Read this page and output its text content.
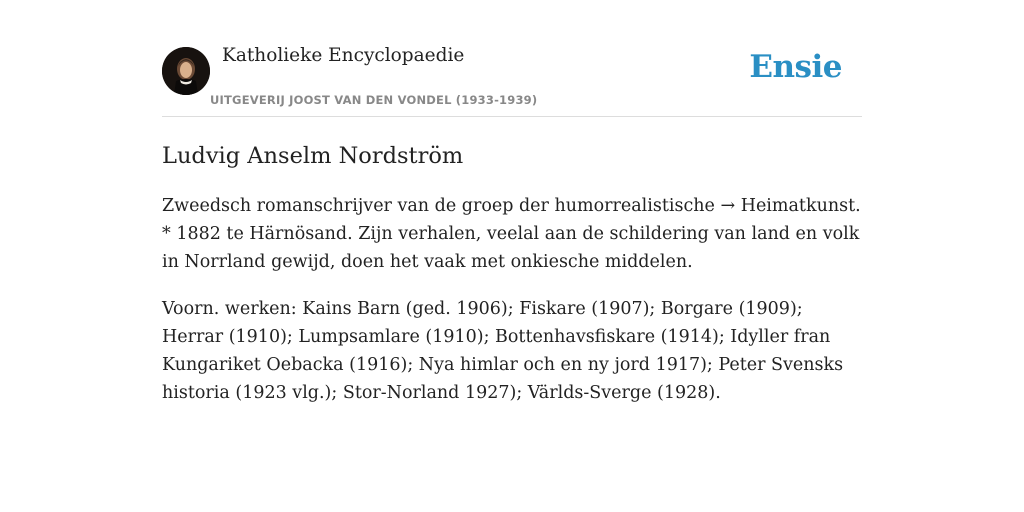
Katholieke Encyclopaedie
UITGEVERIJ JOOST VAN DEN VONDEL (1933-1939)
Ensie
Ludvig Anselm Nordström

Zweedsch romanschrijver van de groep der humorrealistische → Heimatkunst. * 1882 te Härnösand. Zijn verhalen, veelal aan de schildering van land en volk in Norrland gewijd, doen het vaak met onkiesche middelen.

Voorn. werken: Kains Barn (ged. 1906); Fiskare (1907); Borgare (1909); Herrar (1910); Lumpsamlare (1910); Bottenhavsfiskare (1914); Idyller fran Kungariket Oebacka (1916); Nya himlar och en ny jord 1917); Peter Svensks historia (1923 vlg.); Stor-Norland 1927); Världs-Sverge (1928).
